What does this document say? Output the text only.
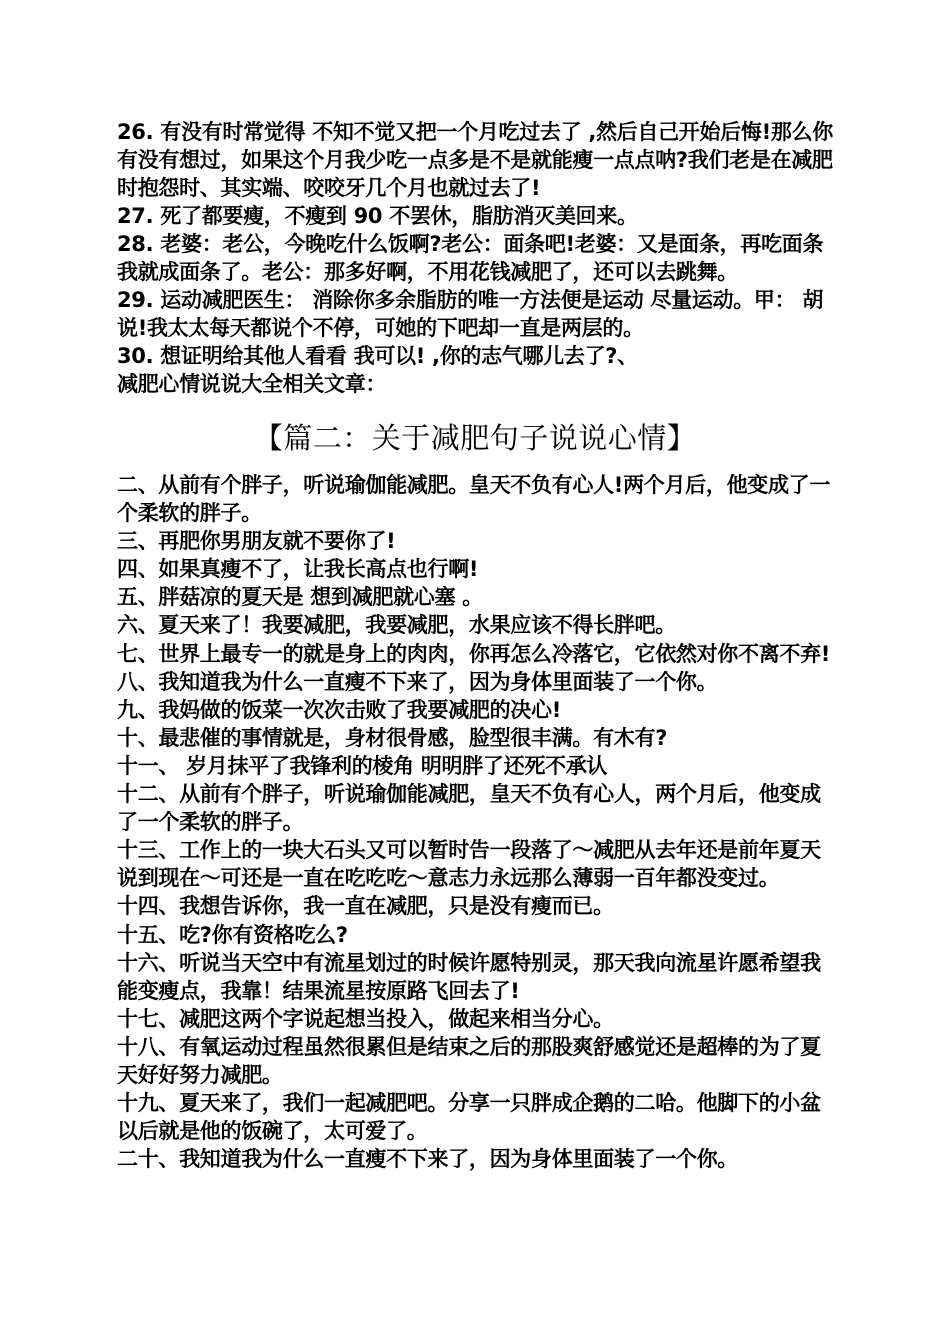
26. 有没有时常觉得 不知不觉又把一个月吃过去了 ,然后自己开始后悔!那么你有没有想过，如果这个月我少吃一点多是不是就能瘦一点点呐?我们老是在减肥时抱怨时、其实端、咬咬牙几个月也就过去了!

27. 死了都要瘦，不瘦到 90 不罢休，脂肪消灭美回来。

28. 老婆：老公，今晚吃什么饭啊?老公：面条吧!老婆：又是面条，再吃面条我就成面条了。老公：那多好啊，不用花钱减肥了，还可以去跳舞。

29. 运动减肥医生： 消除你多余脂肪的唯一方法便是运动 尽量运动。甲： 胡说!我太太每天都说个不停，可她的下吧却一直是两层的。

30. 想证明给其他人看看 我可以! ,你的志气哪儿去了?、

减肥心情说说大全相关文章：

【篇二：关于减肥句子说说心情】

二、从前有个胖子，听说瑜伽能减肥。皇天不负有心人!两个月后，他变成了一个柔软的胖子。

三、再肥你男朋友就不要你了!

四、如果真瘦不了，让我长高点也行啊!

五、胖菇凉的夏天是 想到减肥就心塞 。

六、夏天来了！我要减肥，我要减肥，水果应该不得长胖吧。

七、世界上最专一的就是身上的肉肉，你再怎么冷落它，它依然对你不离不弃!

八、我知道我为什么一直瘦不下来了，因为身体里面装了一个你。

九、我妈做的饭菜一次次击败了我要减肥的决心!

十、最悲催的事情就是，身材很骨感，脸型很丰满。有木有?

十一、 岁月抹平了我锋利的棱角 明明胖了还死不承认

十二、从前有个胖子，听说瑜伽能减肥，皇天不负有心人，两个月后，他变成了一个柔软的胖子。

十三、工作上的一块大石头又可以暂时告一段落了～减肥从去年还是前年夏天说到现在～可还是一直在吃吃吃～意志力永远那么薄弱一百年都没变过。

十四、我想告诉你，我一直在减肥，只是没有瘦而已。

十五、吃?你有资格吃么?

十六、听说当天空中有流星划过的时候许愿特别灵，那天我向流星许愿希望我能变瘦点，我靠！结果流星按原路飞回去了!

十七、减肥这两个字说起想当投入，做起来相当分心。

十八、有氧运动过程虽然很累但是结束之后的那股爽舒感觉还是超棒的为了夏天好好努力减肥。

十九、夏天来了，我们一起减肥吧。分享一只胖成企鹅的二哈。他脚下的小盆以后就是他的饭碗了，太可爱了。

二十、我知道我为什么一直瘦不下来了，因为身体里面装了一个你。
